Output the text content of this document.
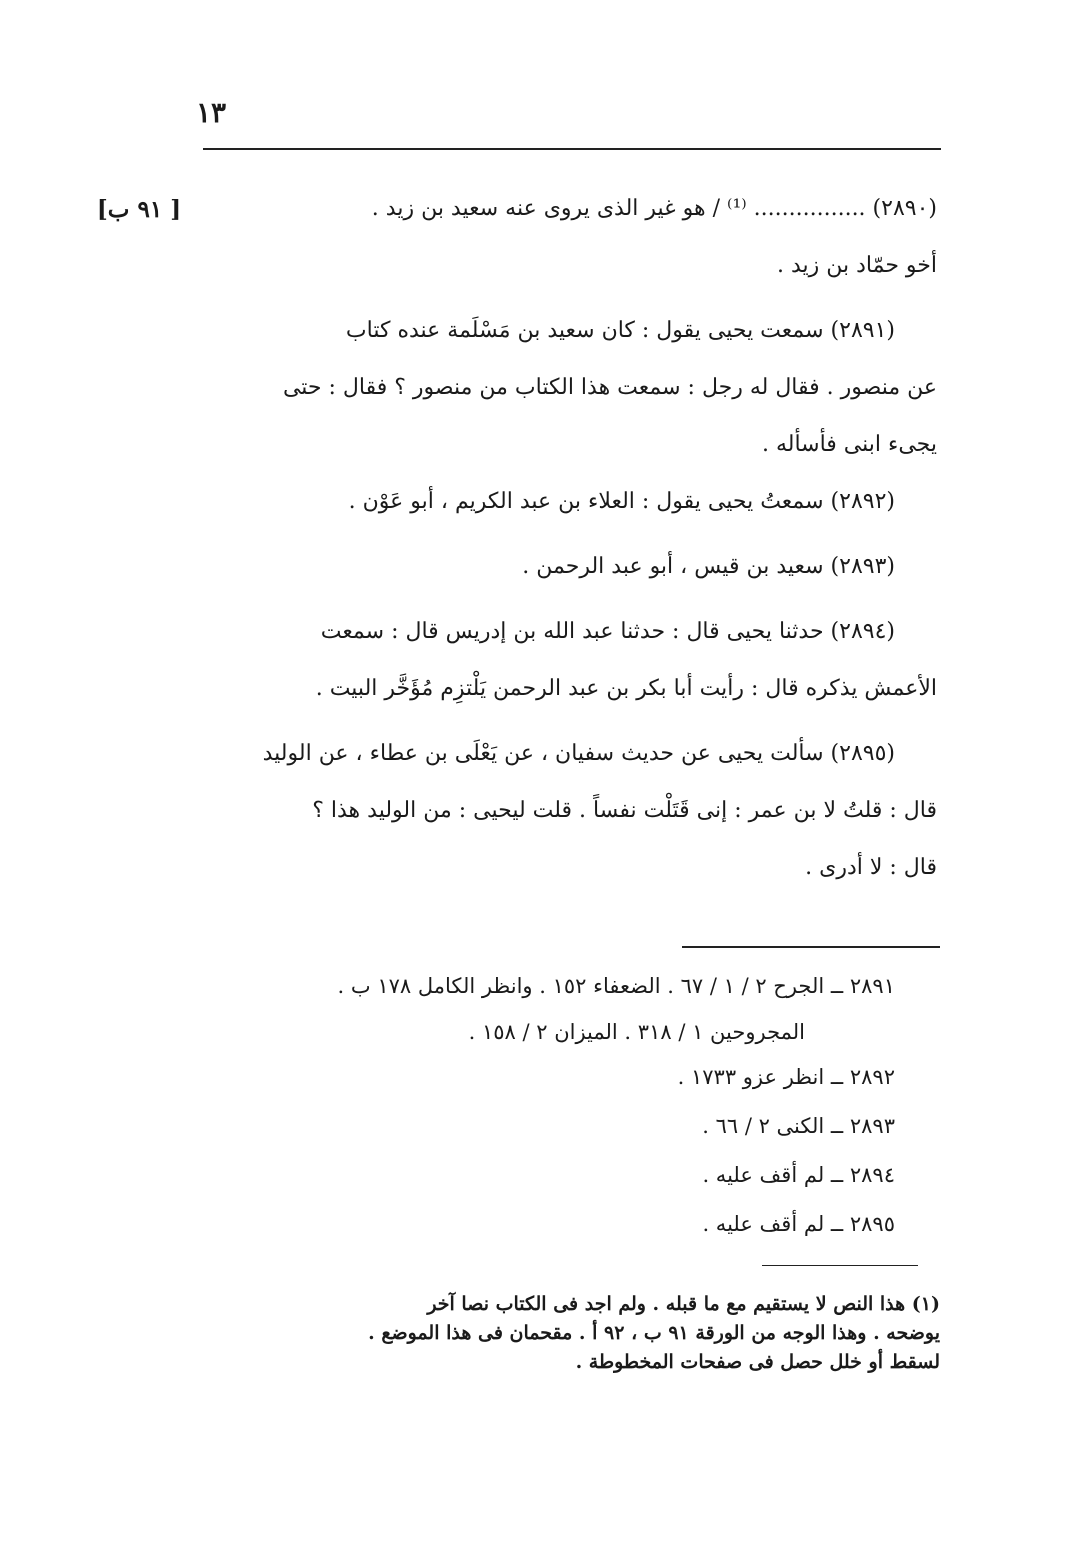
١٣
[ ٩١ ب]	(٢٨٩٠) ................ ⁽¹⁾ / هو غير الذى يروى عنه سعيد بن زيد .
أخو حمّاد بن زيد .
(٢٨٩١) سمعت يحيى يقول : كان سعيد بن مَسْلَمة عنده كتاب
عن منصور . فقال له رجل : سمعت هذا الكتاب من منصور ؟ فقال : حتى
يجىء ابنى فأسأله .
(٢٨٩٢) سمعتُ يحيى يقول : العلاء بن عبد الكريم ، أبو عَوْن .
(٢٨٩٣) سعيد بن قيس ، أبو عبد الرحمن .
(٢٨٩٤) حدثنا يحيى قال : حدثنا عبد الله بن إدريس قال : سمعت
الأعمش يذكره قال : رأيت أبا بكر بن عبد الرحمن يَلْتزِم مُؤَخَّر البيت .
(٢٨٩٥) سألت يحيى عن حديث سفيان ، عن يَعْلَى بن عطاء ، عن الوليد
قال : قلتُ لا بن عمر : إنى قَتَلْت نفساً . قلت ليحيى : من الوليد هذا ؟
قال : لا أدرى .
٢٨٩١ ــ الجرح ٢ / ١ / ٦٧ . الضعفاء ١٥٢ . وانظر الكامل ١٧٨ ب .
المجروحين ١ / ٣١٨ . الميزان ٢ / ١٥٨ .
٢٨٩٢ ــ انظر عزو ١٧٣٣ .
٢٨٩٣ ــ الكنى ٢ / ٦٦ .
٢٨٩٤ ــ لم أقف عليه .
٢٨٩٥ ــ لم أقف عليه .
(١) هذا النص لا يستقيم مع ما قبله . ولم اجد فى الكتاب نصا آخر
يوضحه . وهذا الوجه من الورقة ٩١ ب ، ٩٢ أ . مقحمان فى هذا الموضع .
لسقط أو خلل حصل فى صفحات المخطوطة .
